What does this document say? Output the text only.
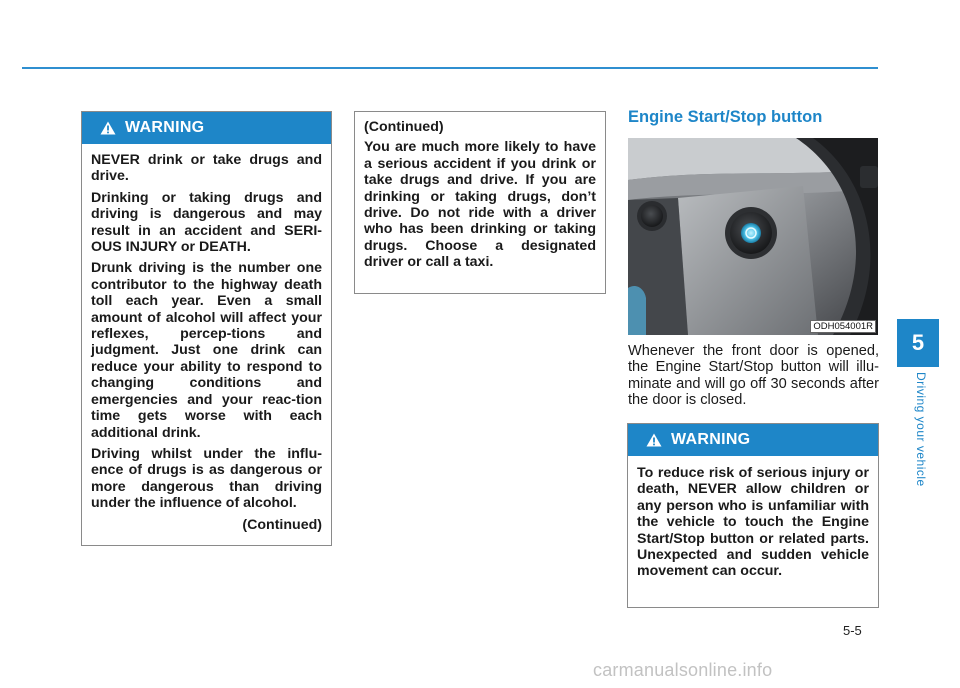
5
Driving your vehicle
WARNING

NEVER drink or take drugs and drive.

Drinking or taking drugs and driving is dangerous and may result in an accident and SERI-OUS INJURY or DEATH.

Drunk driving is the number one contributor to the highway death toll each year. Even a small amount of alcohol will affect your reflexes, percep-tions and judgment. Just one drink can reduce your ability to respond to changing conditions and emergencies and your reac-tion time gets worse with each additional drink.

Driving whilst under the influ-ence of drugs is as dangerous or more dangerous than driving under the influence of alcohol.

(Continued)

(Continued)

You are much more likely to have a serious accident if you drink or take drugs and drive. If you are drinking or taking drugs, don’t drive. Do not ride with a driver who has been drinking or taking drugs. Choose a designated driver or call a taxi.

Engine Start/Stop button
ODH054001R

Whenever the front door is opened, the Engine Start/Stop button will illu-minate and will go off 30 seconds after the door is closed.

WARNING

To reduce risk of serious injury or death, NEVER allow children or any person who is unfamiliar with the vehicle to touch the Engine Start/Stop button or related parts. Unexpected and sudden vehicle movement can occur.

5-5
carmanualsonline.info
